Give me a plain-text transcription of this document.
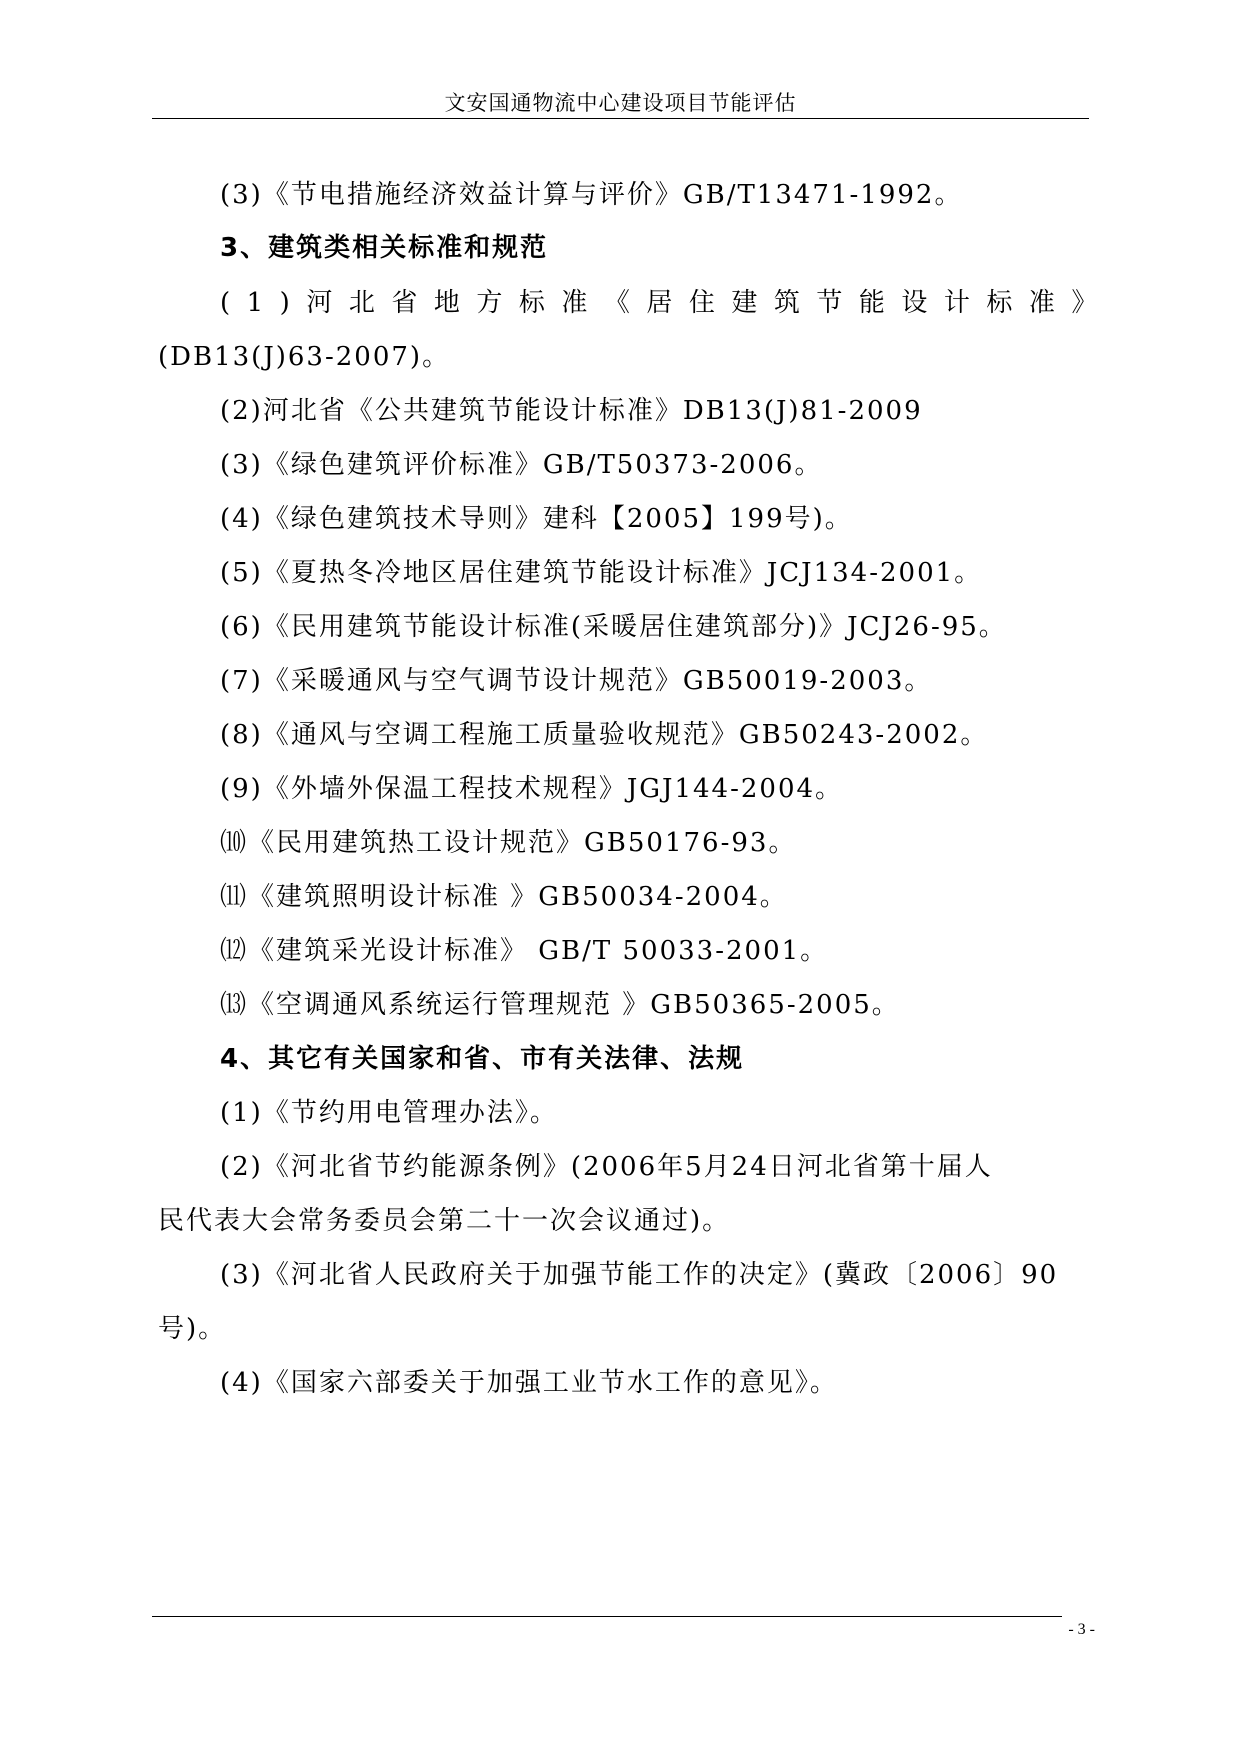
文安国通物流中心建设项目节能评估
(3)《节电措施经济效益计算与评价》GB/T13471-1992。
3、建筑类相关标准和规范
(1)河北省地方标准《居住建筑节能设计标准》
(DB13(J)63-2007)。
(2)河北省《公共建筑节能设计标准》DB13(J)81-2009
(3)《绿色建筑评价标准》GB/T50373-2006。
(4)《绿色建筑技术导则》建科【2005】199号)。
(5)《夏热冬冷地区居住建筑节能设计标准》JCJ134-2001。
(6)《民用建筑节能设计标准(采暖居住建筑部分)》JCJ26-95。
(7)《采暖通风与空气调节设计规范》GB50019-2003。
(8)《通风与空调工程施工质量验收规范》GB50243-2002。
(9)《外墙外保温工程技术规程》JGJ144-2004。
⑽《民用建筑热工设计规范》GB50176-93。
⑾《建筑照明设计标准 》GB50034-2004。
⑿《建筑采光设计标准》 GB/T 50033-2001。
⒀《空调通风系统运行管理规范 》GB50365-2005。
4、其它有关国家和省、市有关法律、法规
(1)《节约用电管理办法》。
(2)《河北省节约能源条例》(2006年5月24日河北省第十届人
民代表大会常务委员会第二十一次会议通过)。
(3)《河北省人民政府关于加强节能工作的决定》(冀政〔2006〕90
号)。
(4)《国家六部委关于加强工业节水工作的意见》。
- 3 -
